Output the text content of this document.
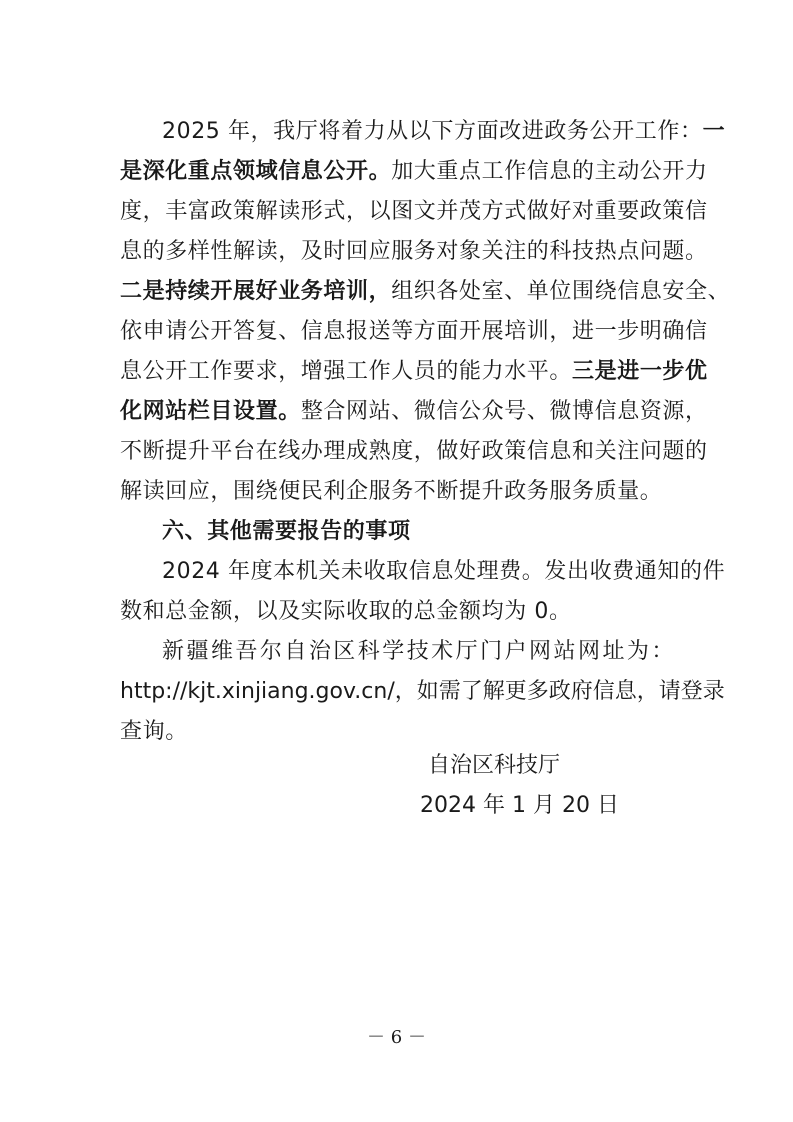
2025 年，我厅将着力从以下方面改进政务公开工作：一
是深化重点领域信息公开。加大重点工作信息的主动公开力
度，丰富政策解读形式，以图文并茂方式做好对重要政策信
息的多样性解读，及时回应服务对象关注的科技热点问题。
二是持续开展好业务培训，组织各处室、单位围绕信息安全、
依申请公开答复、信息报送等方面开展培训，进一步明确信
息公开工作要求，增强工作人员的能力水平。三是进一步优
化网站栏目设置。整合网站、微信公众号、微博信息资源，
不断提升平台在线办理成熟度，做好政策信息和关注问题的
解读回应，围绕便民利企服务不断提升政务服务质量。
六、其他需要报告的事项
2024 年度本机关未收取信息处理费。发出收费通知的件
数和总金额，以及实际收取的总金额均为 0。
新疆维吾尔自治区科学技术厅门户网站网址为：
http://kjt.xinjiang.gov.cn/，如需了解更多政府信息，请登录
查询。
自治区科技厅
2024 年 1 月 20 日
－ 6 －
